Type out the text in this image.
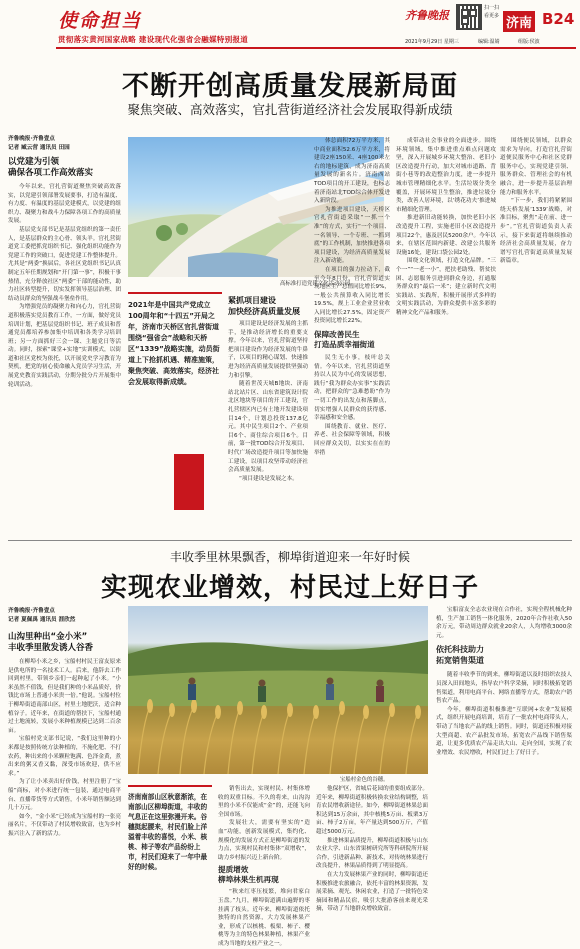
使命担当
贯彻落实黄河国家战略 建设现代化强省会融媒特别报道
齐鲁晚报
扫一扫
看更多 济南 B24
2021年9月29日 星期三	编辑:温婧	组版:侯波
不断开创高质量发展新局面
聚焦突破、高效落实，官扎营街道经济社会发展取得新成绩
齐鲁晚报·齐鲁壹点
记者 臧云营 通讯员 田园
以党建为引领
确保各项工作高效落实

今年以来，官扎营街道聚焦突破高效落实，以党建引领部署发展要事，打造有温度、有力度、有温度的基层党建模式，以党建的组织力、凝聚力和战斗力保障各项工作的高质量发展。

基层党支部书记是基层党组织的第一责任人，是基层群众的主心骨、领头羊。官扎营街道党工委把抓党组织书记、强化组织功能作为党建工作的突破口，促进党建工作整体提升。尤其是“两委”换届后，各社区党组织书记认真制定五年任期规划和“开门第一事”，积极干事热情，充分释放社区“两委”干部的能动性，助力社区转型提升，切实发挥领导基层治理、团结动员群众的坚强战斗堡垒作用。

为增强党员的凝聚力和向心力，官扎营街道积极落实党员教育工作，一方面，做好党员培训计划，把基层党组织书记、班子成员和普通党员都培养参加集中培训和各类学习培训班；另一方面抓好三会一课、主题党日等活动。同时，探索“课堂+实地”实训模式，以街道和社区党校为依托，以开展党史学习教育为契机，把党的初心使命融入党员学习生活，开展党史教育实践活动，分期分批分片开展集中轮训活动。

高标准打造党建文化活动公园。
2021年是中国共产党成立100周年和“十四五”开局之年，济南市天桥区官扎营街道围绕“强省会”战略和天桥区“1339”战略实施，动员街道上下抢抓机遇、精准施策，聚焦突破、高效落实，经济社会发展取得新成绩。
紧抓项目建设
加快经济高质量发展

项目建设是经济发展的主抓手，是推动经济增长的重要支撑。今年以来，官扎营街道坚持把项目建设作为经济发展的牛鼻子，以项目的精心谋划、快速推进为经济高质量发展提供坚强动力和引擎。

随着世茂天城B地块、济南站北站片区、山东省建筑设计院北区地块等项目的开工建设，官扎营辖区内已有土地开发建设项目14个，计划总投资137.8亿元。其中民生项目2个、产业项目6个、商住综合项目6个。目前，第一批TOD综合开发项目、时代广场改造提升项目等加快施工建设，以项目攻坚带动经济社会高质量发展。

“项目建设是发展之本。

体总面积72万平方米，其中商业面积52.6万平方米，将建设2座150米、4座100米左右的地标建筑，成为济南高质量发展的新名片。济南西站TOD项目的开工建设，也标志着济南站北TOD综合体开发进入新阶段。

为推进项目建设，天桥区官扎营街道采取“一抓一个准”的方式，实行“一个项目、一名领导、一个专班、一抓到底”的工作机制，加快推进各项项目建设，为经济高质量发展注入新动能。

在项目的强力拉动下，截至今年8月份，官扎营街道实现地区生产总值同比增长9%，一般公共预算收入同比增长19.5%，规上工业企业营业收入同比增长27.5%，固定资产投资同比增长22%。

保障改善民生
打造品质幸福街道

民生无小事，枝叶总关情。今年以来，官扎营街道坚持以人民为中心的发展思想，践行“我为群众办实事”实践活动，把群众的“急难愁盼”作为一切工作的出发点和落脚点，切实增强人民群众的获得感、幸福感和安全感。

围绕教育、就业、医疗、养老、社会保障等领域，积极回应群众关切，以实实在在的举措

成带动社会事业的全面进步。围绕环境领域，集中推进重点难点问题攻坚，深入开展城乡环境大整治、老旧小区改造提升行动，加大对城市道路、背街小巷等的改造整治力度，进一步提升城市管理精细化水平。生活垃圾分类全覆盖，开展环境卫生整治，推进垃圾分类，改善人居环境，以‘绣花功夫’推进城市精细化管理。

推进新旧动能转换，加快老旧小区改造提升工程，实施老旧小区改造提升项目22个，惠及居民5200余户。今年以来，在辖区范围内新建、改建公共服务设施16处，建设口袋公园2处。

围绕文化领域，打造文化品牌。“三个一”“一老一小”，把扶老助残、帮贫扶困、志愿服务引进到群众身边，打通服务群众的“最后一米”；建立新时代文明实践站、实践所，积极开展形式多样的文明实践活动，为群众提供丰富多彩的精神文化产品和服务。

围绕便民领域，以群众需求为导向，打造官扎营街道便民服务中心和社区党群服务中心，实现党建引领、服务群众、管理社会的有机融合，进一步提升基层治理能力和服务水平。

“下一步，我们将紧紧围绕天桥发展‘1339’战略，对准目标，聚焦“走在前、进一步”。”官扎营街道负责人表示，接下来街道将继续推动经济社会高质量发展，奋力谱写官扎营街道高质量发展新篇章。

丰收季里林果飘香，柳埠街道迎来一年好时候
实现农业增效，村民过上好日子
齐鲁晚报·齐鲁壹点
记者 夏佩禹 通讯员 涯欣然
山沟里种出“金小米”
丰收季里散发诱人谷香

在柳埠小米之乡，宝船村村民王富友原来是供电所的一名技术工人。后来，他辞去工作回到村里，带领乡亲们一起种起了小米。“小米虽然不值钱，但是我们种的小米品质好，价钱比市场上普通小米贵一倍。”他说。宝船村位于柳埠街道南部山区，村里土地肥沃，适合种植谷子。近年来，在街道的帮扶下，宝船村通过土地流转，发展小米种植规模已达到二百余亩。

宝船村党支部书记说，“我们这里种的小米都是按照传统方法种植的，不施化肥、不打农药，种出来的小米颗粒饱满、色泽金黄，煮出来的粥又香又黏，深受市场欢迎，供不应求。”

为了让小米卖出好价钱，村里注册了“宝船”商标，对小米进行统一包装，通过电商平台、直播带货等方式销售，小米年销售额达到几十万元。

如今，“金小米”已经成为宝船村的一张亮丽名片，不仅带动了村民增收致富，也为乡村振兴注入了新的活力。

宝船村金色的谷穗。
济南南部山区秋意渐浓，在南部山区柳埠街道，丰收的气息正在这里弥漫开来。谷穗挺起腰来，村民们脸上洋溢着丰收的喜悦，小米、核桃、柿子等农产品纷纷上市，村民们迎来了一年中最好的时候。

销售出去，实现村民、村集体增收的双重目标。不久的将来，山沟沟里的小米不仅能成“金”的，还能飞向全国市场。

发展壮大，需要有坚实的“造血”功能，创新发展模式，集约化、规模化的发展方式正是柳埠街道的发力点，实现村民和村集体“双增收”，助力乡村振兴迈上新台阶。

提质增效
柳埠林果生机再现

“秋来红枣压枝繁，堆向君家白玉盘。”九月，柳埠街道满山遍野的枣挂满了枝头。近年来，柳埠街道依托独特的自然资源，大力发展林果产业，形成了以核桃、板栗、柿子、樱桃等为主的特色林果种植，林果产业成为当地的支柱产业之一。

他保护区，省城后花园的重要组成部分。近年来，柳埠街道积极转换农业结构调整，培育农民增收新途径。如今，柳埠街道林果总面积达到15万余亩，其中核桃5万亩、板栗3万亩、柿子2万亩，年产量达到500万斤，产值超过5000万元。

推进林果品质提升，柳埠街道积极与山东农业大学、山东省果树研究所等科研院所开展合作，引进新品种、新技术，对传统林果进行改良提升，林果品质得到了明显提高。

在大力发展林果产业的同时，柳埠街道还积极推进农旅融合，依托丰富的林果资源，发展采摘、观光、休闲农业，打造了一批特色采摘园和精品民宿，吸引大批游客前来观光采摘，带动了当地群众增收致富。

宝船富友全志农业现在合作社，实现全程机械化种植，生产加工销售一体化服务，2020年合作社收入50余万元，带动周边群众就业20余人，人均增收3000余元。

依托科技助力
拓宽销售渠道

随着丰收季节的到来，柳埠街道以及时组织农技人员深入田间地头，指导农户科学采摘，同时积极拓宽销售渠道，利用电商平台、网络直播等方式，帮助农户销售农产品。

今年，柳埠街道积极推进“互联网+农业”发展模式，组织开展电商培训，培育了一批农村电商带头人，带动了当地农产品的线上销售。同时，街道还积极对接大型商超、农产品批发市场，拓宽农产品线下销售渠道，让更多优质农产品走出大山、走向全国，实现了农业增效、农民增收，村民们过上了好日子。
